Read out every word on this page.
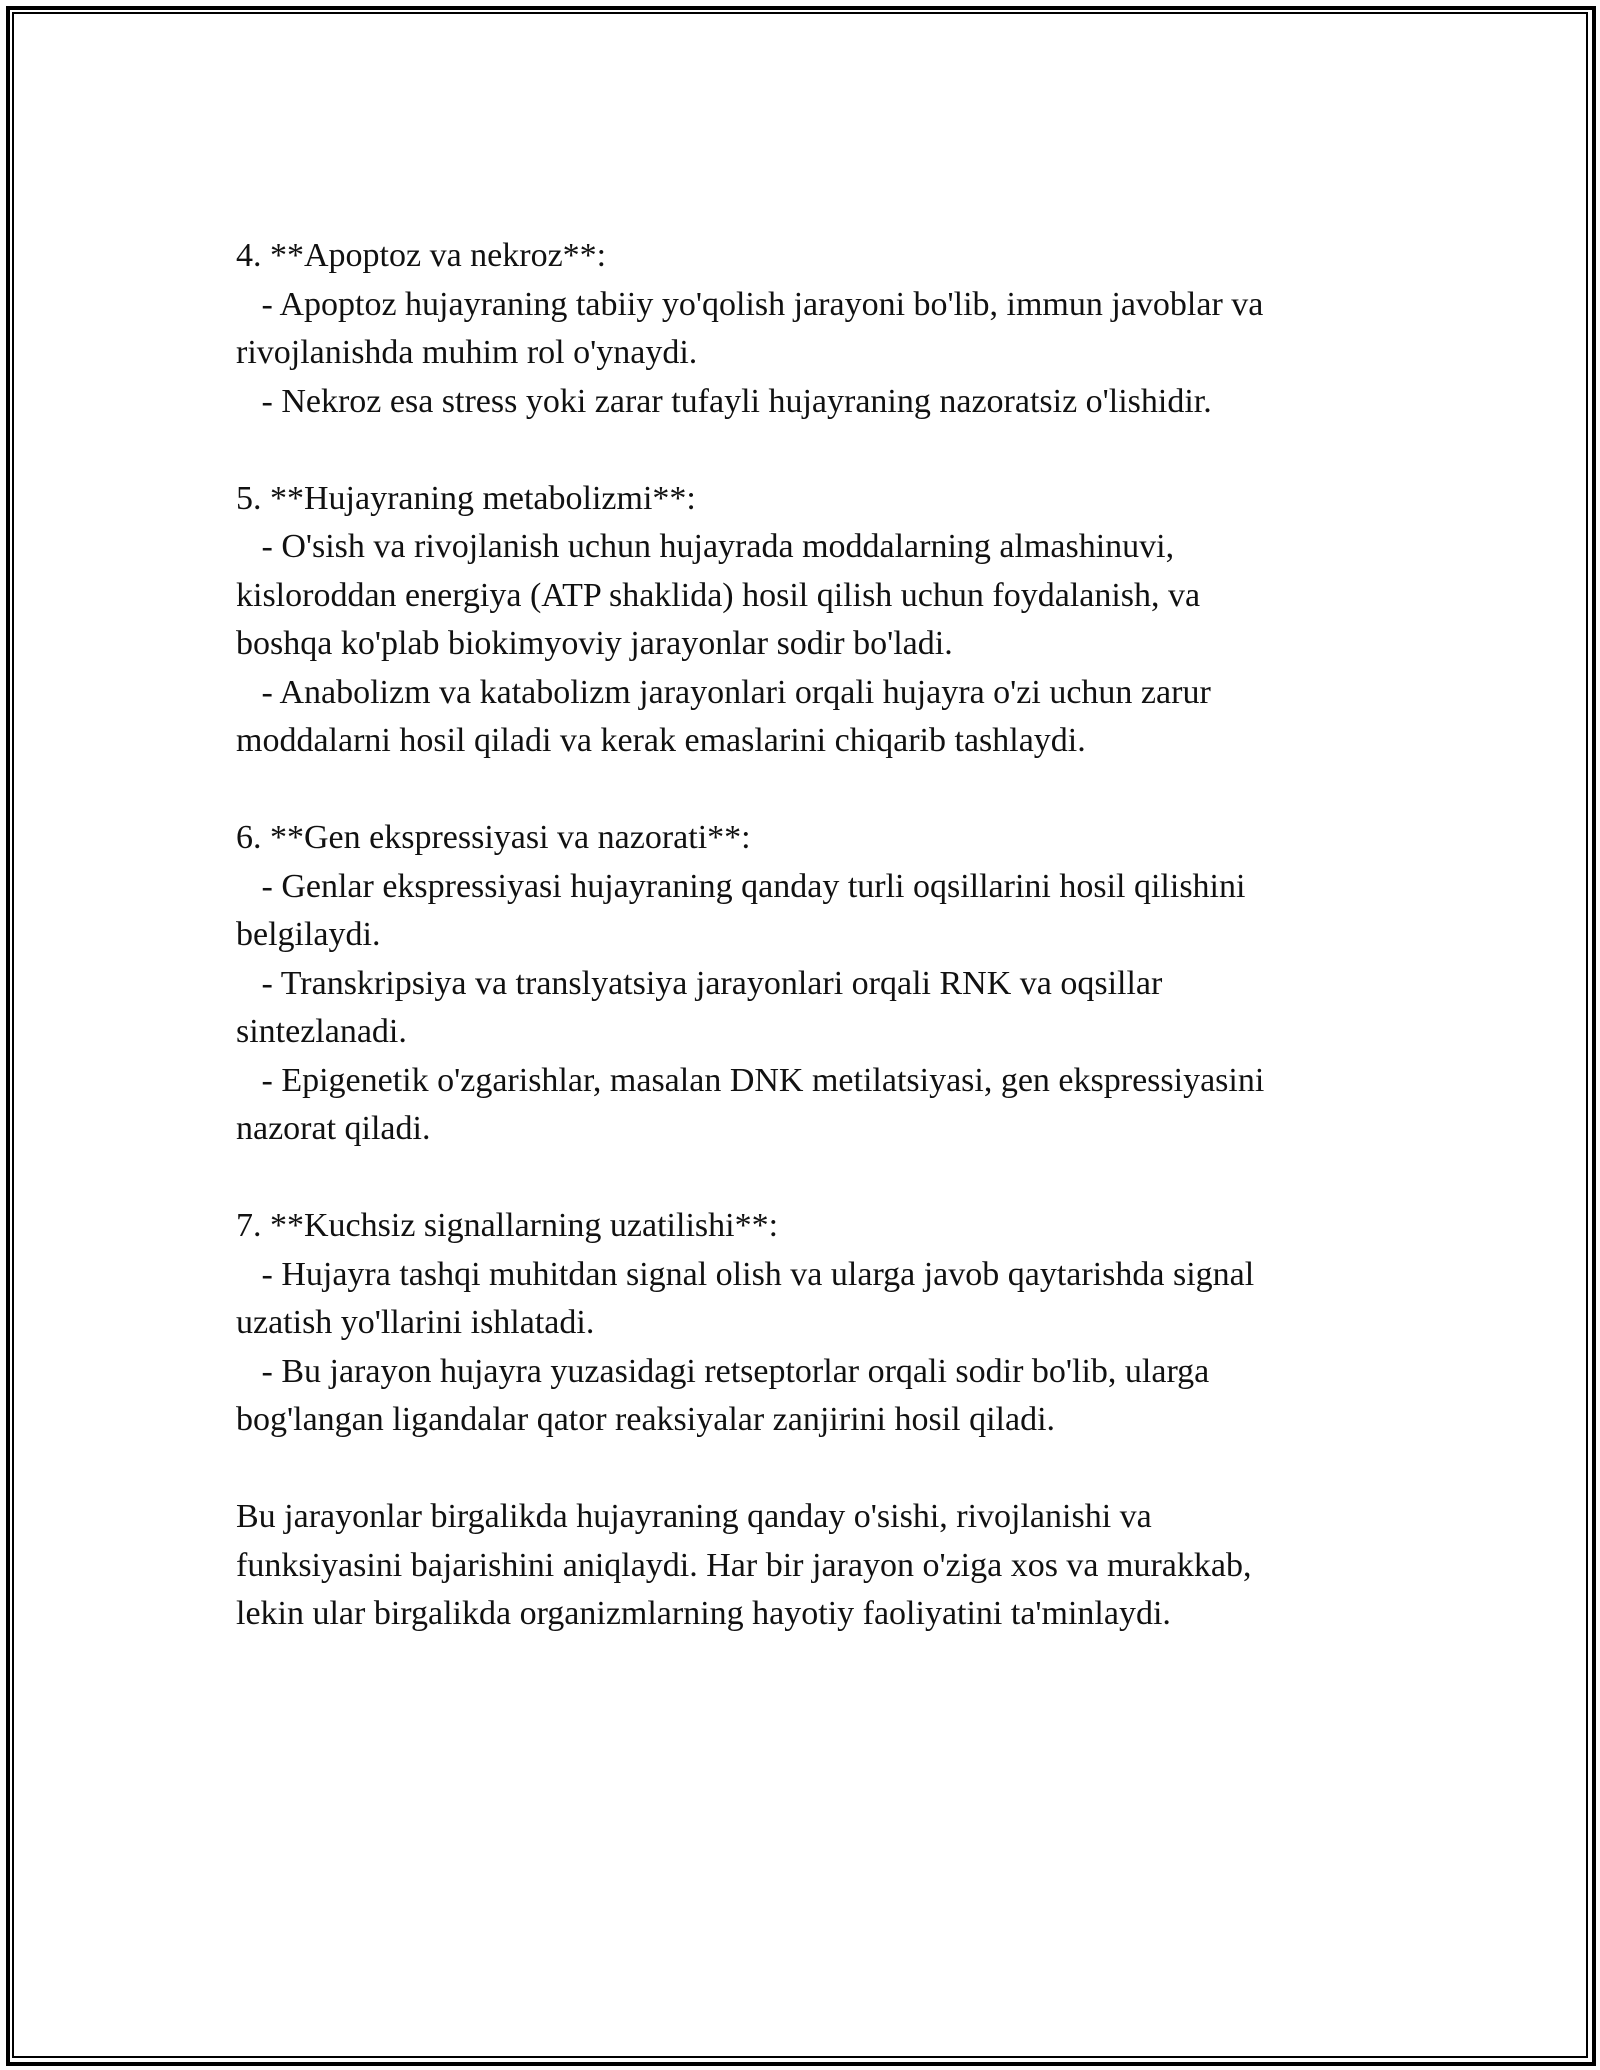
4. **Apoptoz va nekroz**:
- Apoptoz hujayraning tabiiy yo'qolish jarayoni bo'lib, immun javoblar va
rivojlanishda muhim rol o'ynaydi.
- Nekroz esa stress yoki zarar tufayli hujayraning nazoratsiz o'lishidir.
5. **Hujayraning metabolizmi**:
- O'sish va rivojlanish uchun hujayrada moddalarning almashinuvi,
kisloroddan energiya (ATP shaklida) hosil qilish uchun foydalanish, va
boshqa ko'plab biokimyoviy jarayonlar sodir bo'ladi.
- Anabolizm va katabolizm jarayonlari orqali hujayra o'zi uchun zarur
moddalarni hosil qiladi va kerak emaslarini chiqarib tashlaydi.
6. **Gen ekspressiyasi va nazorati**:
- Genlar ekspressiyasi hujayraning qanday turli oqsillarini hosil qilishini
belgilaydi.
- Transkripsiya va translyatsiya jarayonlari orqali RNK va oqsillar
sintezlanadi.
- Epigenetik o'zgarishlar, masalan DNK metilatsiyasi, gen ekspressiyasini
nazorat qiladi.
7. **Kuchsiz signallarning uzatilishi**:
- Hujayra tashqi muhitdan signal olish va ularga javob qaytarishda signal
uzatish yo'llarini ishlatadi.
- Bu jarayon hujayra yuzasidagi retseptorlar orqali sodir bo'lib, ularga
bog'langan ligandalar qator reaksiyalar zanjirini hosil qiladi.
Bu jarayonlar birgalikda hujayraning qanday o'sishi, rivojlanishi va
funksiyasini bajarishini aniqlaydi. Har bir jarayon o'ziga xos va murakkab,
lekin ular birgalikda organizmlarning hayotiy faoliyatini ta'minlaydi.
